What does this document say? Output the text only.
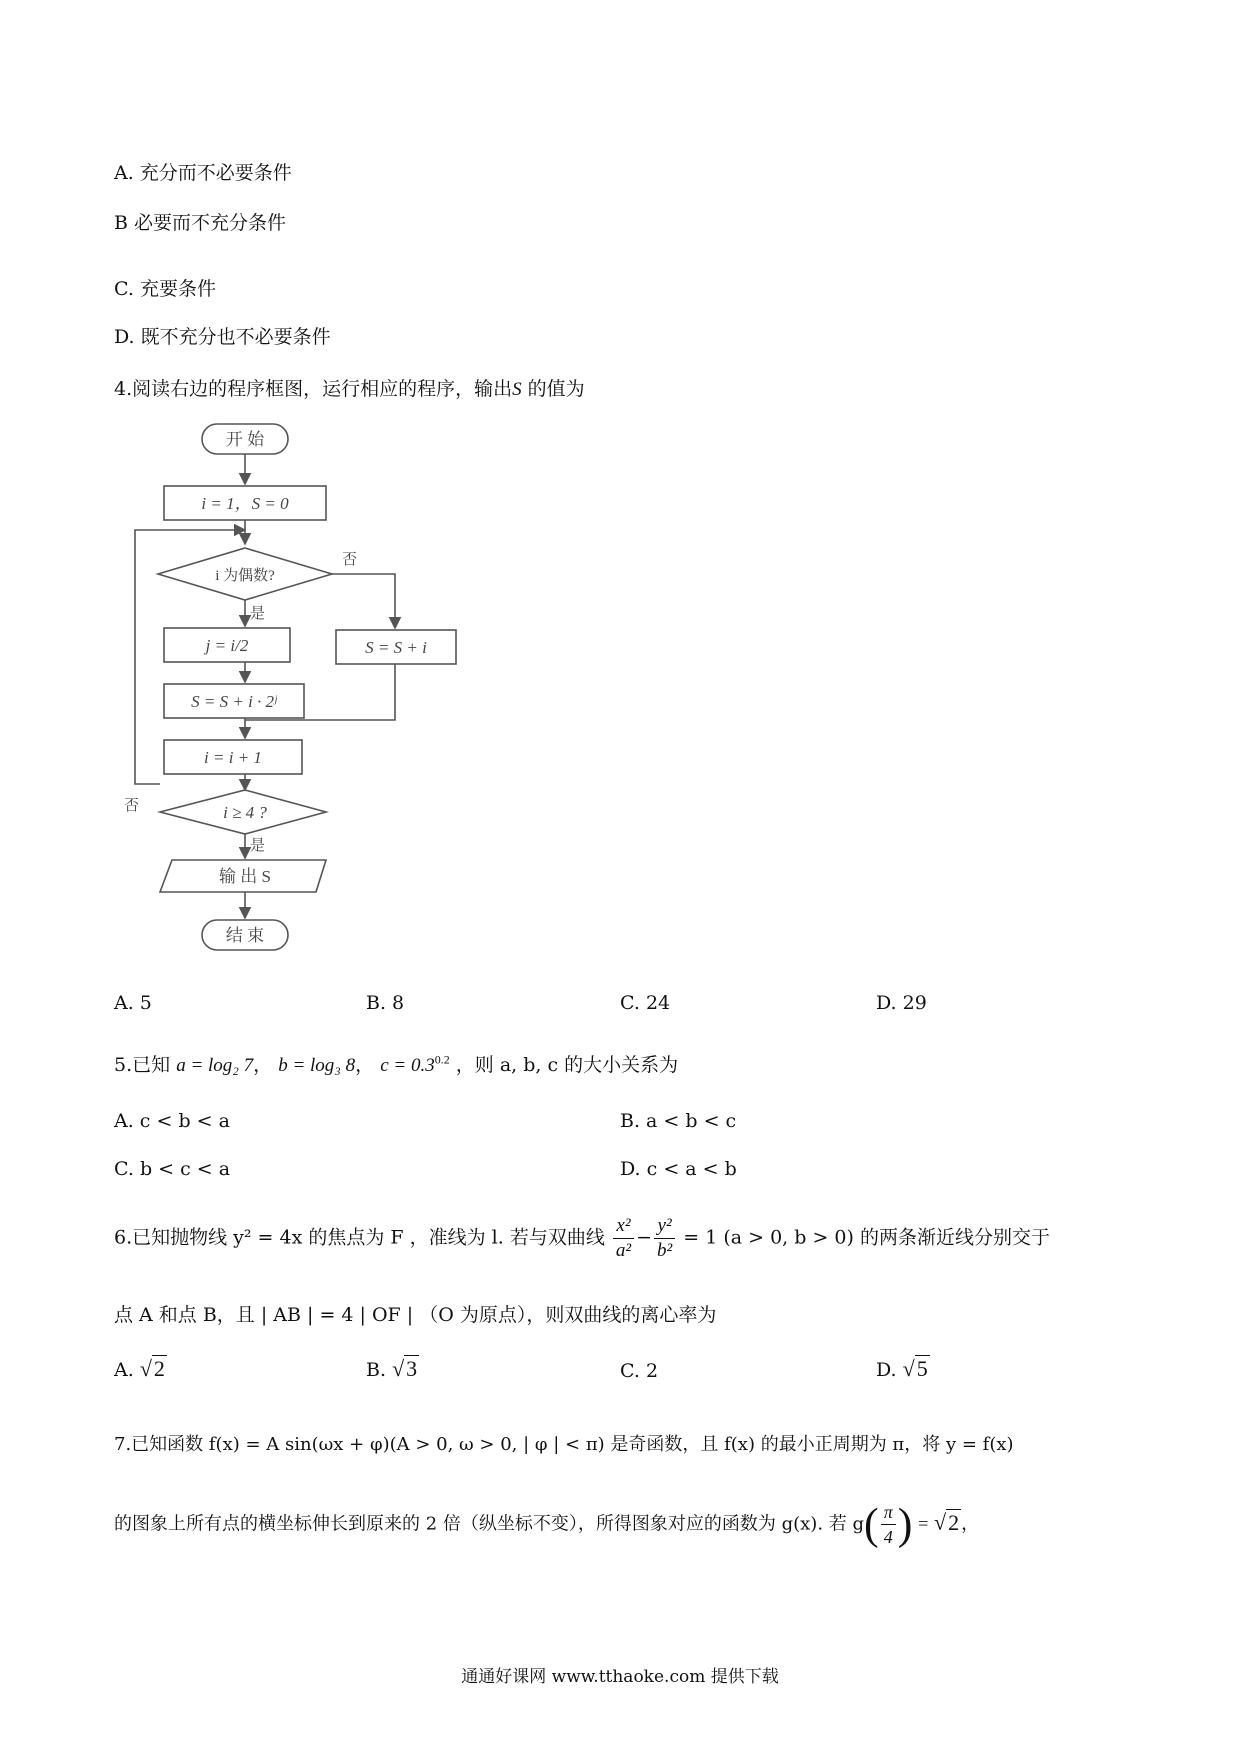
A. 充分而不必要条件
B 必要而不充分条件
C. 充要条件
D. 既不充分也不必要条件
4.阅读右边的程序框图，运行相应的程序，输出S 的值为
开 始
i = 1，S = 0
i 为偶数?
否
是
j = i/2	S = S + i
S = S + i · 2ʲ
i = i + 1
i ≥ 4 ?
否
是
输 出 S
结 束
A. 5	B. 8	C. 24	D. 29
5.已知 a = log₂ 7， b = log₃ 8， $c = 0.3^{0.2}$ ，则 a, b, c 的大小关系为
A. c < b < a	B. a < b < c
C. b < c < a	D. c < a < b
6.已知抛物线 y² = 4x 的焦点为 F ，准线为 l. 若与双曲线 $\frac{\text{x²}}{\text{a²}} - \frac{\text{y²}}{\text{b²}} = 1$ (a > 0, b > 0) 的两条渐近线分别交于
点 A 和点 B，且 | AB | = 4 | OF | （O 为原点），则双曲线的离心率为
A. √2	B. √3	C. 2	D. √5
7.已知函数 f(x) = A sin(ωx + φ)(A > 0, ω > 0, | φ | < π) 是奇函数，且 f(x) 的最小正周期为 π，将 y = f(x)
的图象上所有点的横坐标伸长到原来的 2 倍（纵坐标不变），所得图象对应的函数为 g(x). 若 $g( \frac{\pi}{4}$ ) = √2 ，
通通好课网 www.tthaoke.com 提供下载
